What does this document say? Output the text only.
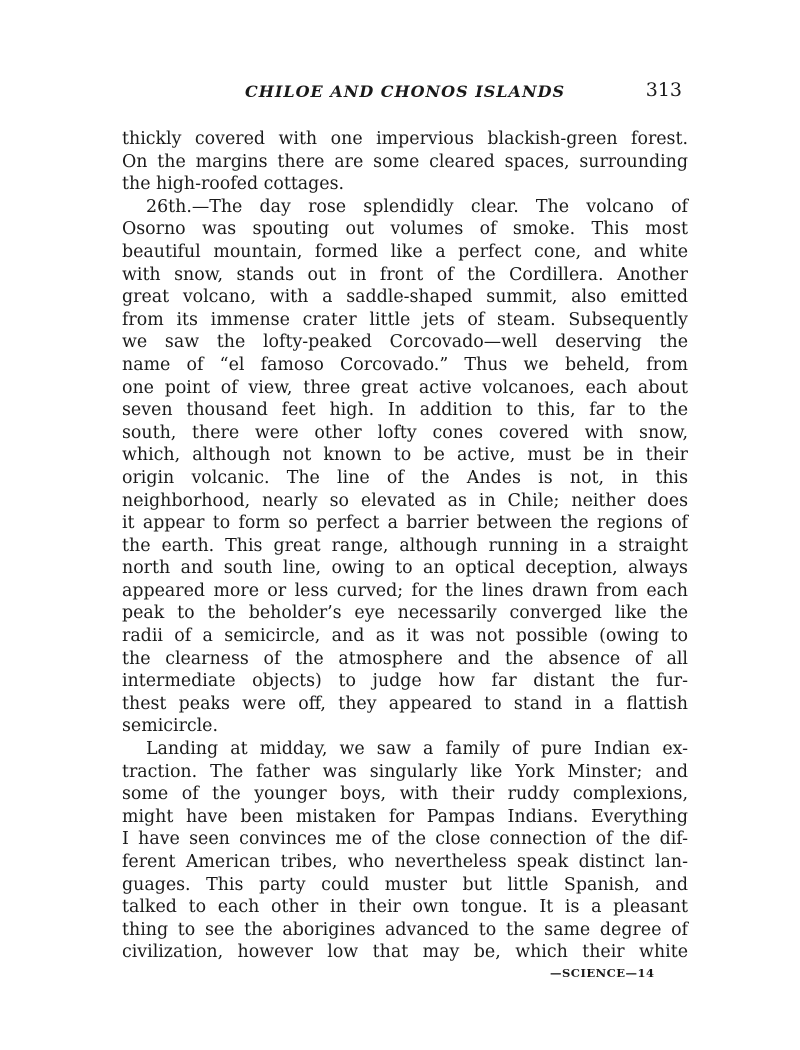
CHILOE AND CHONOS ISLANDS	313
thickly covered with one impervious blackish-green forest.
On the margins there are some cleared spaces, surrounding
the high-roofed cottages.
26th.—The day rose splendidly clear. The volcano of
Osorno was spouting out volumes of smoke. This most
beautiful mountain, formed like a perfect cone, and white
with snow, stands out in front of the Cordillera. Another
great volcano, with a saddle-shaped summit, also emitted
from its immense crater little jets of steam. Subsequently
we saw the lofty-peaked Corcovado—well deserving the
name of “el famoso Corcovado.” Thus we beheld, from
one point of view, three great active volcanoes, each about
seven thousand feet high. In addition to this, far to the
south, there were other lofty cones covered with snow,
which, although not known to be active, must be in their
origin volcanic. The line of the Andes is not, in this
neighborhood, nearly so elevated as in Chile; neither does
it appear to form so perfect a barrier between the regions of
the earth. This great range, although running in a straight
north and south line, owing to an optical deception, always
appeared more or less curved; for the lines drawn from each
peak to the beholder’s eye necessarily converged like the
radii of a semicircle, and as it was not possible (owing to
the clearness of the atmosphere and the absence of all
intermediate objects) to judge how far distant the fur-
thest peaks were off, they appeared to stand in a flattish
semicircle.
Landing at midday, we saw a family of pure Indian ex-
traction. The father was singularly like York Minster; and
some of the younger boys, with their ruddy complexions,
might have been mistaken for Pampas Indians. Everything
I have seen convinces me of the close connection of the dif-
ferent American tribes, who nevertheless speak distinct lan-
guages. This party could muster but little Spanish, and
talked to each other in their own tongue. It is a pleasant
thing to see the aborigines advanced to the same degree of
civilization, however low that may be, which their white
—SCIENCE—14
